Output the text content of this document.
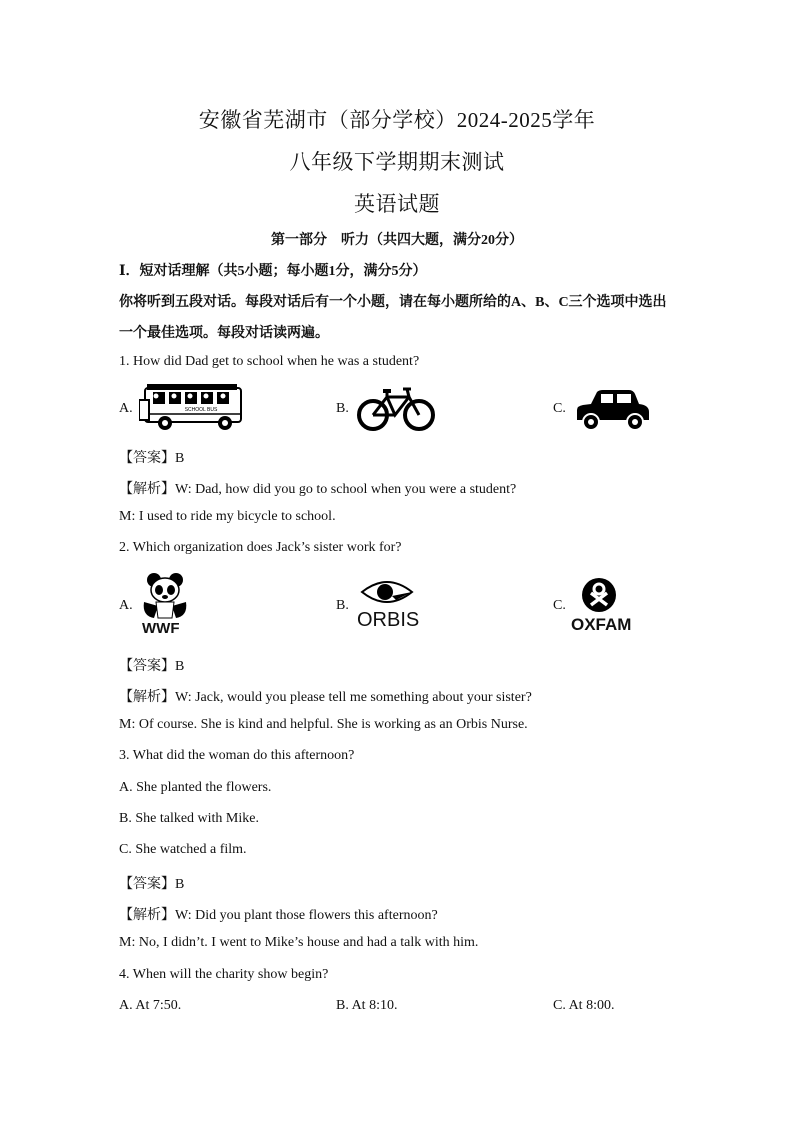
安徽省芜湖市（部分学校）2024-2025学年
八年级下学期期末测试
英语试题
第一部分　听力（共四大题，满分20分）
Ⅰ．短对话理解（共5小题；每小题1分，满分5分）
你将听到五段对话。每段对话后有一个小题，请在每小题所给的A、B、C三个选项中选出
一个最佳选项。每段对话读两遍。
1. How did Dad get to school when he was a student?
A.	SCHOOL BUS	B.	C.
【答案】B
【解析】W: Dad, how did you go to school when you were a student?
M: I used to ride my bicycle to school.
2. Which organization does Jack’s sister work for?
A.
WWF
B.
ORBIS
C.
OXFAM
【答案】B
【解析】W: Jack, would you please tell me something about your sister?
M: Of course. She is kind and helpful. She is working as an Orbis Nurse.
3. What did the woman do this afternoon?
A. She planted the flowers.
B. She talked with Mike.
C. She watched a film.
【答案】B
【解析】W: Did you plant those flowers this afternoon?
M: No, I didn’t. I went to Mike’s house and had a talk with him.
4. When will the charity show begin?
A. At 7:50.	B. At 8:10.	C. At 8:00.
